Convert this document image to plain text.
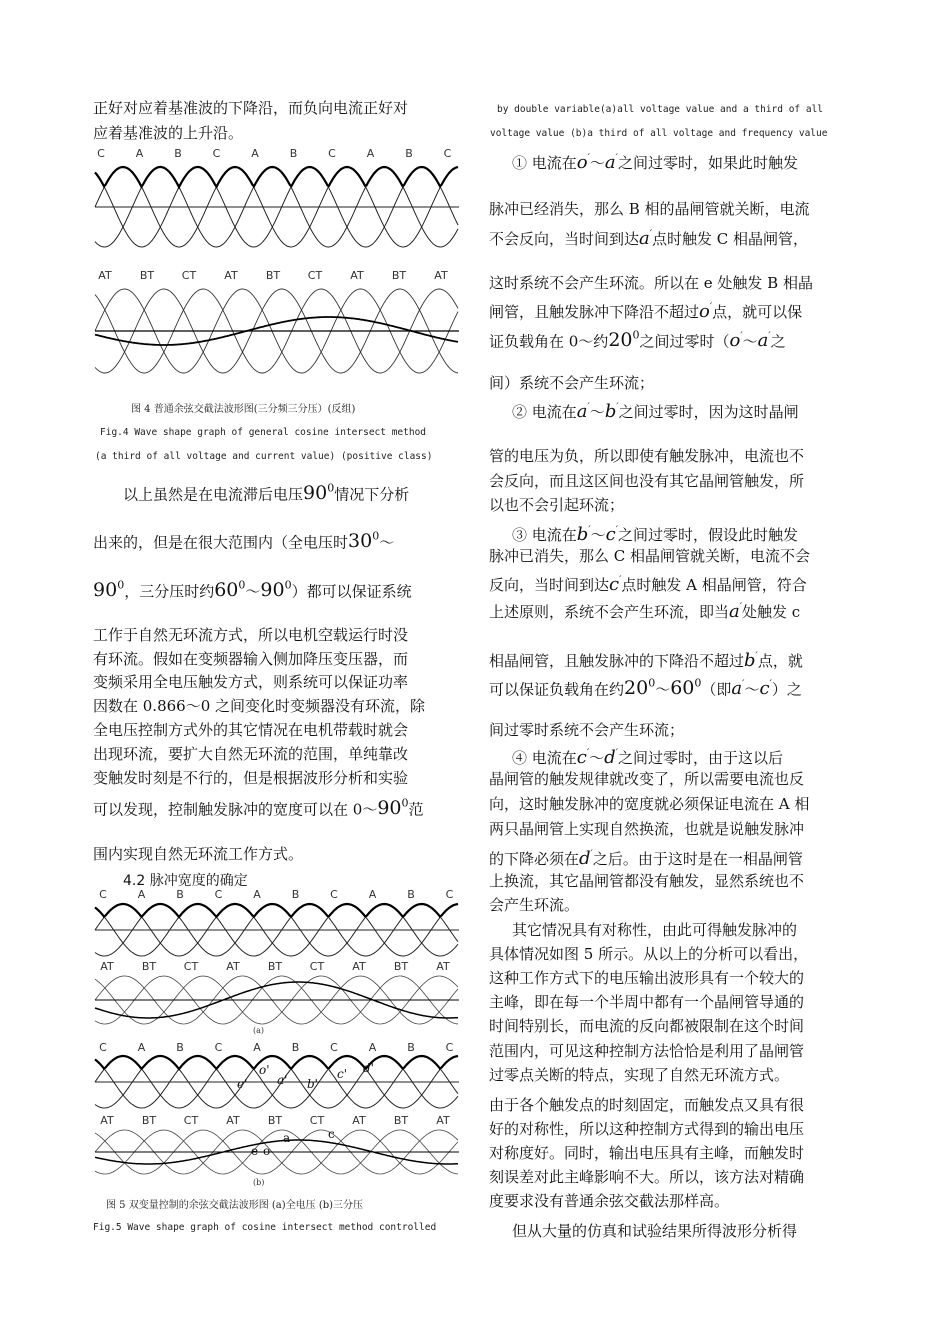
正好对应着基准波的下降沿，而负向电流正好对
应着基准波的上升沿。
C	A	B	C	A	B	C	A	B	C
AT	BT	CT	AT	BT	CT	AT	BT	AT
图 4 普通余弦交截法波形图(三分频三分压）(反组)
Fig.4 Wave shape graph of general cosine intersect method
(a third of all voltage and current value) (positive class)
以上虽然是在电流滞后电压$90^0$情况下分析
出来的，但是在很大范围内（全电压时$30^0\sim$
$90^0$，三分压时约$60^0\sim 90^0$）都可以保证系统
工作于自然无环流方式，所以电机空载运行时没
有环流。假如在变频器输入侧加降压变压器，而
变频采用全电压触发方式，则系统可以保证功率
因数在 0.866～0 之间变化时变频器没有环流，除
全电压控制方式外的其它情况在电机带载时就会
出现环流，要扩大自然无环流的范围，单纯靠改
变触发时刻是不行的，但是根据波形分析和实验
可以发现，控制触发脉冲的宽度可以在 $0\sim 90^0$范
围内实现自然无环流工作方式。
4.2 脉冲宽度的确定
C	A	B	C	A	B	C	A	B	C
AT	BT	CT	AT	BT	CT	AT	BT	AT
(a)
C	A	B	C	A	B	C	A	B	C
AT	BT	CT	AT	BT	CT	AT	BT	AT
e'
o'
a' b'
c' d'
e o
a	c
(b)
图 5 双变量控制的余弦交截法波形图 (a)全电压 (b)三分压
Fig.5 Wave shape graph of cosine intersect method controlled
by double variable(a)all voltage value and a third of all
voltage value (b)a third of all voltage and frequency value
① 电流在o′～a′之间过零时，如果此时触发
脉冲已经消失，那么 B 相的晶闸管就关断，电流
不会反向，当时间到达a′点时触发 C 相晶闸管，
这时系统不会产生环流。所以在 e 处触发 B 相晶
闸管，且触发脉冲下降沿不超过o′点，就可以保
证负载角在 0～约$20^0$之间过零时（o′～a′之
间）系统不会产生环流；
② 电流在a′～b′之间过零时，因为这时晶闸
管的电压为负，所以即使有触发脉冲，电流也不
会反向，而且这区间也没有其它晶闸管触发，所
以也不会引起环流；
③ 电流在b′～c′之间过零时，假设此时触发
脉冲已消失，那么 C 相晶闸管就关断，电流不会
反向，当时间到达c′点时触发 A 相晶闸管，符合
上述原则，系统不会产生环流，即当a′处触发 c
相晶闸管，且触发脉冲的下降沿不超过b′点，就
可以保证负载角在约$20^0\sim 60^0$（即a′～c′）之
间过零时系统不会产生环流；
④ 电流在c′～d′之间过零时，由于这以后
晶闸管的触发规律就改变了，所以需要电流也反
向，这时触发脉冲的宽度就必须保证电流在 A 相
两只晶闸管上实现自然换流，也就是说触发脉冲
的下降必须在d′之后。由于这时是在一相晶闸管
上换流，其它晶闸管都没有触发，显然系统也不
会产生环流。
其它情况具有对称性，由此可得触发脉冲的
具体情况如图 5 所示。从以上的分析可以看出，
这种工作方式下的电压输出波形具有一个较大的
主峰，即在每一个半周中都有一个晶闸管导通的
时间特别长，而电流的反向都被限制在这个时间
范围内，可见这种控制方法恰恰是利用了晶闸管
过零点关断的特点，实现了自然无环流方式。
由于各个触发点的时刻固定，而触发点又具有很
好的对称性，所以这种控制方式得到的输出电压
对称度好。同时，输出电压具有主峰，而触发时
刻误差对此主峰影响不大。所以，该方法对精确
度要求没有普通余弦交截法那样高。
但从大量的仿真和试验结果所得波形分析得
